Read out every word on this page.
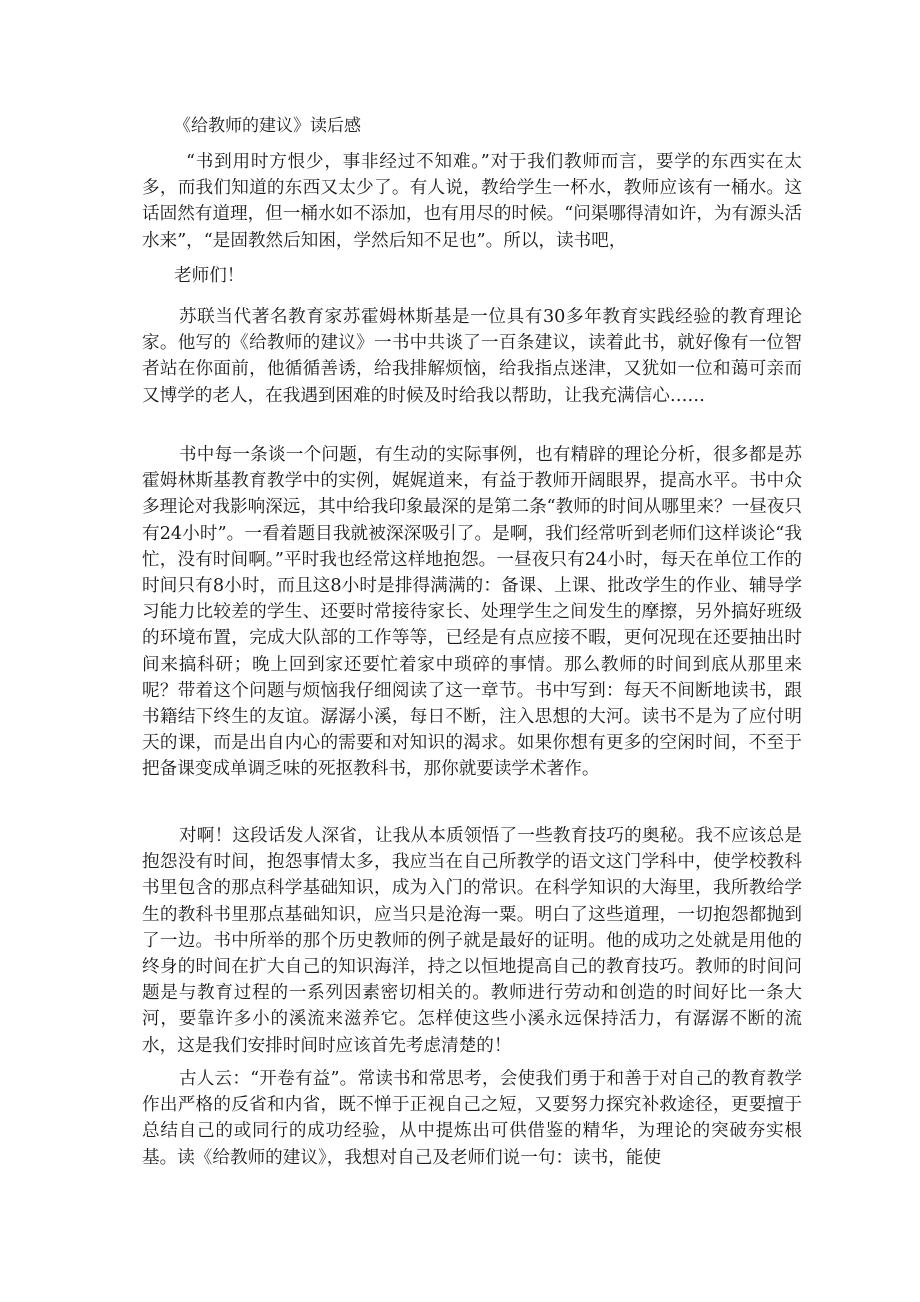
《给教师的建议》读后感

“书到用时方恨少，事非经过不知难。”对于我们教师而言，要学的东西实在太多，而我们知道的东西又太少了。有人说，教给学生一杯水，教师应该有一桶水。这话固然有道理，但一桶水如不添加，也有用尽的时候。“问渠哪得清如许，为有源头活水来”，“是固教然后知困，学然后知不足也”。所以，读书吧，

老师们！

苏联当代著名教育家苏霍姆林斯基是一位具有30多年教育实践经验的教育理论家。他写的《给教师的建议》一书中共谈了一百条建议，读着此书，就好像有一位智者站在你面前，他循循善诱，给我排解烦恼，给我指点迷津，又犹如一位和蔼可亲而又博学的老人，在我遇到困难的时候及时给我以帮助，让我充满信心……

书中每一条谈一个问题，有生动的实际事例，也有精辟的理论分析，很多都是苏霍姆林斯基教育教学中的实例，娓娓道来，有益于教师开阔眼界，提高水平。书中众多理论对我影响深远，其中给我印象最深的是第二条“教师的时间从哪里来？一昼夜只有24小时”。一看着题目我就被深深吸引了。是啊，我们经常听到老师们这样谈论“我忙，没有时间啊。”平时我也经常这样地抱怨。一昼夜只有24小时，每天在单位工作的时间只有8小时，而且这8小时是排得满满的：备课、上课、批改学生的作业、辅导学习能力比较差的学生、还要时常接待家长、处理学生之间发生的摩擦，另外搞好班级的环境布置，完成大队部的工作等等，已经是有点应接不暇，更何况现在还要抽出时间来搞科研；晚上回到家还要忙着家中琐碎的事情。那么教师的时间到底从那里来呢？带着这个问题与烦恼我仔细阅读了这一章节。书中写到：每天不间断地读书，跟书籍结下终生的友谊。潺潺小溪，每日不断，注入思想的大河。读书不是为了应付明天的课，而是出自内心的需要和对知识的渴求。如果你想有更多的空闲时间，不至于把备课变成单调乏味的死抠教科书，那你就要读学术著作。

对啊！这段话发人深省，让我从本质领悟了一些教育技巧的奥秘。我不应该总是抱怨没有时间，抱怨事情太多，我应当在自己所教学的语文这门学科中，使学校教科书里包含的那点科学基础知识，成为入门的常识。在科学知识的大海里，我所教给学生的教科书里那点基础知识，应当只是沧海一粟。明白了这些道理，一切抱怨都抛到了一边。书中所举的那个历史教师的例子就是最好的证明。他的成功之处就是用他的终身的时间在扩大自己的知识海洋，持之以恒地提高自己的教育技巧。教师的时间问题是与教育过程的一系列因素密切相关的。教师进行劳动和创造的时间好比一条大河，要靠许多小的溪流来滋养它。怎样使这些小溪永远保持活力，有潺潺不断的流水，这是我们安排时间时应该首先考虑清楚的！

古人云：“开卷有益”。常读书和常思考，会使我们勇于和善于对自己的教育教学作出严格的反省和内省，既不惮于正视自己之短，又要努力探究补救途径，更要擅于总结自己的或同行的成功经验，从中提炼出可供借鉴的精华，为理论的突破夯实根基。读《给教师的建议》，我想对自己及老师们说一句：读书，能使
